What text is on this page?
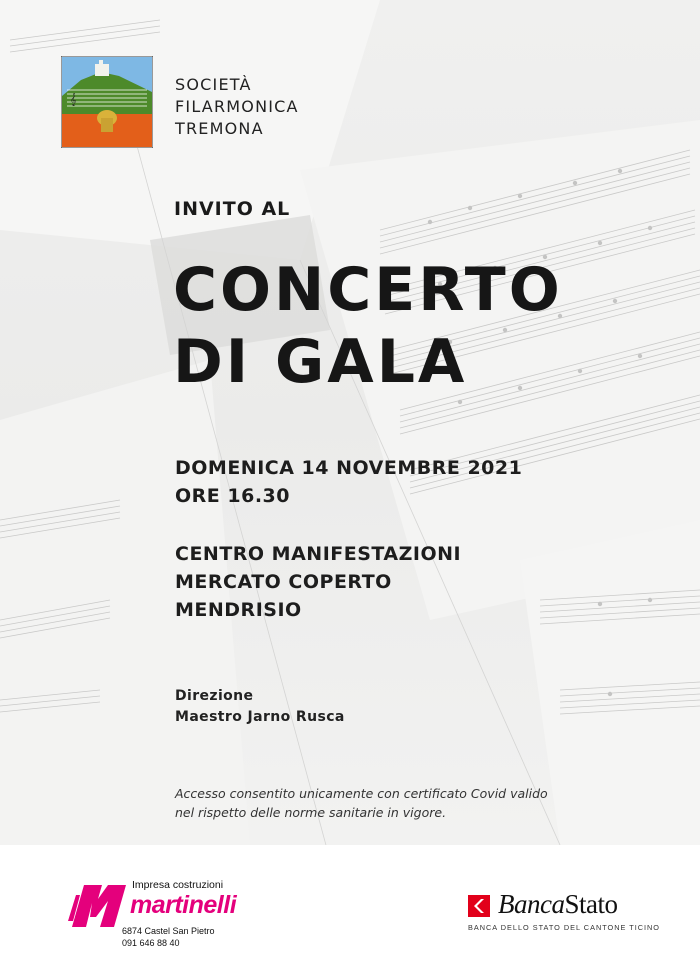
𝄞
SOCIETÀ
FILARMONICA
TREMONA
INVITO AL
CONCERTO
DI GALA
DOMENICA 14 NOVEMBRE 2021
ORE 16.30
CENTRO MANIFESTAZIONI
MERCATO COPERTO
MENDRISIO
Direzione
Maestro Jarno Rusca
Accesso consentito unicamente con certificato Covid valido
nel rispetto delle norme sanitarie in vigore.
Impresa costruzioni
martinelli
6874 Castel San Pietro
091 646 88 40
BancaStato
BANCA DELLO STATO DEL CANTONE TICINO
